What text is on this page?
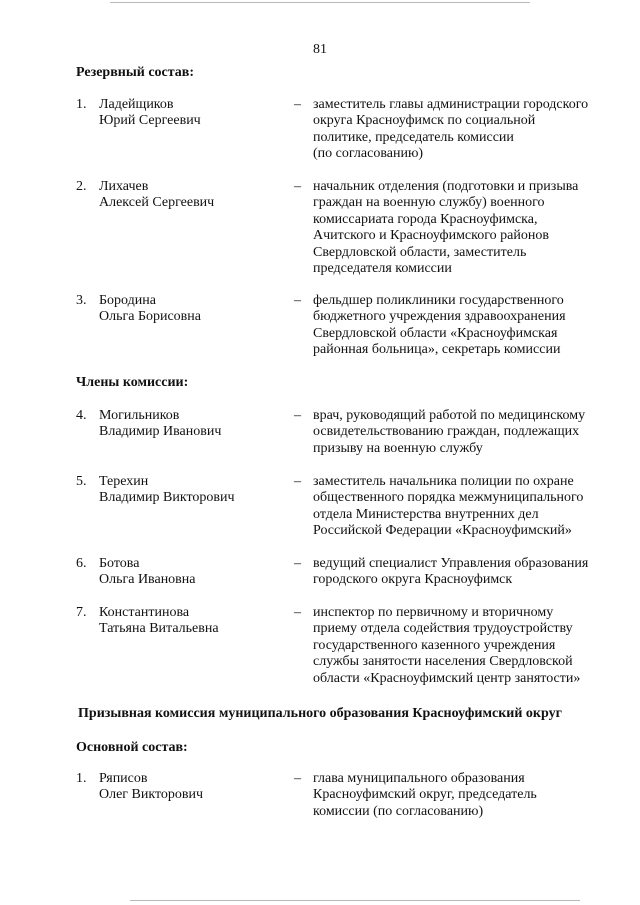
81
Резервный состав:
1. Ладейщиков
Юрий Сергеевич
– заместитель главы администрации городского
округа Красноуфимск по социальной
политике, председатель комиссии
(по согласованию)
2. Лихачев
Алексей Сергеевич
– начальник отделения (подготовки и призыва
граждан на военную службу) военного
комиссариата города Красноуфимска,
Ачитского и Красноуфимского районов
Свердловской области, заместитель
председателя комиссии
3. Бородина
Ольга Борисовна
– фельдшер поликлиники государственного
бюджетного учреждения здравоохранения
Свердловской области «Красноуфимская
районная больница», секретарь комиссии
Члены комиссии:
4. Могильников
Владимир Иванович
– врач, руководящий работой по медицинскому
освидетельствованию граждан, подлежащих
призыву на военную службу
5. Терехин
Владимир Викторович
– заместитель начальника полиции по охране
общественного порядка межмуниципального
отдела Министерства внутренних дел
Российской Федерации «Красноуфимский»
6. Ботова
Ольга Ивановна
– ведущий специалист Управления образования
городского округа Красноуфимск
7. Константинова
Татьяна Витальевна
– инспектор по первичному и вторичному
приему отдела содействия трудоустройству
государственного казенного учреждения
службы занятости населения Свердловской
области «Красноуфимский центр занятости»
Призывная комиссия муниципального образования Красноуфимский округ
Основной состав:
1. Ряписов
Олег Викторович
– глава муниципального образования
Красноуфимский округ, председатель
комиссии (по согласованию)
